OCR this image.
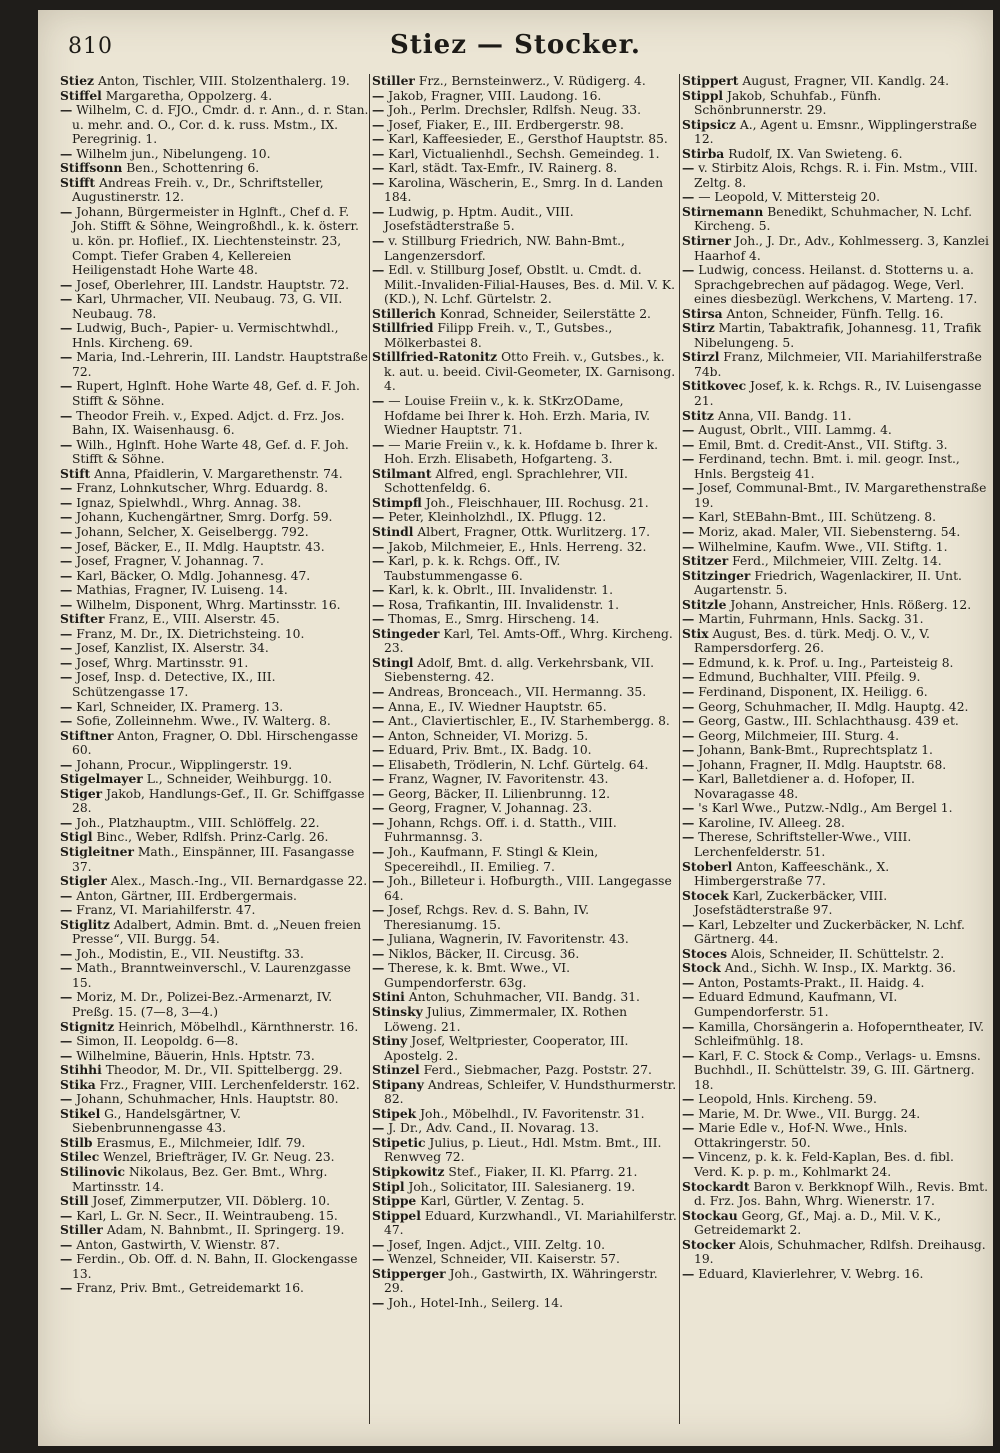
810	Stiez — Stocker.

Stiez Anton, Tischler, VIII. Stolzenthalerg. 19.

Stiffel Margaretha, Oppolzerg. 4.

— Wilhelm, C. d. FJO., Cmdr. d. r. Ann., d. r. Stan. u. mehr. and. O., Cor. d. k. russ. Mstm., IX. Peregrinig. 1.

— Wilhelm jun., Nibelungeng. 10.

Stiffsonn Ben., Schottenring 6.

Stifft Andreas Freih. v., Dr., Schriftsteller, Augustinerstr. 12.

— Johann, Bürgermeister in Hglnft., Chef d. F. Joh. Stifft & Söhne, Weingroßhdl., k. k. österr. u. kön. pr. Hoflief., IX. Liechtensteinstr. 23, Compt. Tiefer Graben 4, Kellereien Heiligenstadt Hohe Warte 48.

— Josef, Oberlehrer, III. Landstr. Hauptstr. 72.

— Karl, Uhrmacher, VII. Neubaug. 73, G. VII. Neubaug. 78.

— Ludwig, Buch-, Papier- u. Vermischtwhdl., Hnls. Kircheng. 69.

— Maria, Ind.-Lehrerin, III. Landstr. Hauptstraße 72.

— Rupert, Hglnft. Hohe Warte 48, Gef. d. F. Joh. Stifft & Söhne.

— Theodor Freih. v., Exped. Adjct. d. Frz. Jos. Bahn, IX. Waisenhausg. 6.

— Wilh., Hglnft. Hohe Warte 48, Gef. d. F. Joh. Stifft & Söhne.

Stift Anna, Pfaidlerin, V. Margarethenstr. 74.

— Franz, Lohnkutscher, Whrg. Eduardg. 8.

— Ignaz, Spielwhdl., Whrg. Annag. 38.

— Johann, Kuchengärtner, Smrg. Dorfg. 59.

— Johann, Selcher, X. Geiselbergg. 792.

— Josef, Bäcker, E., II. Mdlg. Hauptstr. 43.

— Josef, Fragner, V. Johannag. 7.

— Karl, Bäcker, O. Mdlg. Johannesg. 47.

— Mathias, Fragner, IV. Luiseng. 14.

— Wilhelm, Disponent, Whrg. Martinsstr. 16.

Stifter Franz, E., VIII. Alserstr. 45.

— Franz, M. Dr., IX. Dietrichsteing. 10.

— Josef, Kanzlist, IX. Alserstr. 34.

— Josef, Whrg. Martinsstr. 91.

— Josef, Insp. d. Detective, IX., III. Schützengasse 17.

— Karl, Schneider, IX. Pramerg. 13.

— Sofie, Zolleinnehm. Wwe., IV. Walterg. 8.

Stiftner Anton, Fragner, O. Dbl. Hirschengasse 60.

— Johann, Procur., Wipplingerstr. 19.

Stigelmayer L., Schneider, Weihburgg. 10.

Stiger Jakob, Handlungs-Gef., II. Gr. Schiffgasse 28.

— Joh., Platzhauptm., VIII. Schlöffelg. 22.

Stigl Binc., Weber, Rdlfsh. Prinz-Carlg. 26.

Stigleitner Math., Einspänner, III. Fasangasse 37.

Stigler Alex., Masch.-Ing., VII. Bernardgasse 22.

— Anton, Gärtner, III. Erdbergermais.

— Franz, VI. Mariahilferstr. 47.

Stiglitz Adalbert, Admin. Bmt. d. „Neuen freien Presse“, VII. Burgg. 54.

— Joh., Modistin, E., VII. Neustiftg. 33.

— Math., Branntweinverschl., V. Laurenzgasse 15.

— Moriz, M. Dr., Polizei-Bez.-Armenarzt, IV. Preßg. 15. (7—8, 3—4.)

Stignitz Heinrich, Möbelhdl., Kärnthnerstr. 16.

— Simon, II. Leopoldg. 6—8.

— Wilhelmine, Bäuerin, Hnls. Hptstr. 73.

Stihhi Theodor, M. Dr., VII. Spittelbergg. 29.

Stika Frz., Fragner, VIII. Lerchenfelderstr. 162.

— Johann, Schuhmacher, Hnls. Hauptstr. 80.

Stikel G., Handelsgärtner, V. Siebenbrunnengasse 43.

Stilb Erasmus, E., Milchmeier, Idlf. 79.

Stilec Wenzel, Briefträger, IV. Gr. Neug. 23.

Stilinovic Nikolaus, Bez. Ger. Bmt., Whrg. Martinsstr. 14.

Still Josef, Zimmerputzer, VII. Döblerg. 10.

— Karl, L. Gr. N. Secr., II. Weintraubeng. 15.

Stiller Adam, N. Bahnbmt., II. Springerg. 19.

— Anton, Gastwirth, V. Wienstr. 87.

— Ferdin., Ob. Off. d. N. Bahn, II. Glockengasse 13.

— Franz, Priv. Bmt., Getreidemarkt 16.

Stiller Frz., Bernsteinwerz., V. Rüdigerg. 4.

— Jakob, Fragner, VIII. Laudong. 16.

— Joh., Perlm. Drechsler, Rdlfsh. Neug. 33.

— Josef, Fiaker, E., III. Erdbergerstr. 98.

— Karl, Kaffeesieder, E., Gersthof Hauptstr. 85.

— Karl, Victualienhdl., Sechsh. Gemeindeg. 1.

— Karl, städt. Tax-Emfr., IV. Rainerg. 8.

— Karolina, Wäscherin, E., Smrg. In d. Landen 184.

— Ludwig, p. Hptm. Audit., VIII. Josefstädterstraße 5.

— v. Stillburg Friedrich, NW. Bahn-Bmt., Langenzersdorf.

— Edl. v. Stillburg Josef, Obstlt. u. Cmdt. d. Milit.-Invaliden-Filial-Hauses, Bes. d. Mil. V. K. (KD.), N. Lchf. Gürtelstr. 2.

Stillerich Konrad, Schneider, Seilerstätte 2.

Stillfried Filipp Freih. v., T., Gutsbes., Mölkerbastei 8.

Stillfried-Ratonitz Otto Freih. v., Gutsbes., k. k. aut. u. beeid. Civil-Geometer, IX. Garnisong. 4.

— — Louise Freiin v., k. k. StKrzODame, Hofdame bei Ihrer k. Hoh. Erzh. Maria, IV. Wiedner Hauptstr. 71.

— — Marie Freiin v., k. k. Hofdame b. Ihrer k. Hoh. Erzh. Elisabeth, Hofgarteng. 3.

Stilmant Alfred, engl. Sprachlehrer, VII. Schottenfeldg. 6.

Stimpfl Joh., Fleischhauer, III. Rochusg. 21.

— Peter, Kleinholzhdl., IX. Pflugg. 12.

Stindl Albert, Fragner, Ottk. Wurlitzerg. 17.

— Jakob, Milchmeier, E., Hnls. Herreng. 32.

— Karl, p. k. k. Rchgs. Off., IV. Taubstummengasse 6.

— Karl, k. k. Obrlt., III. Invalidenstr. 1.

— Rosa, Trafikantin, III. Invalidenstr. 1.

— Thomas, E., Smrg. Hirscheng. 14.

Stingeder Karl, Tel. Amts-Off., Whrg. Kircheng. 23.

Stingl Adolf, Bmt. d. allg. Verkehrsbank, VII. Siebensterng. 42.

— Andreas, Bronceach., VII. Hermanng. 35.

— Anna, E., IV. Wiedner Hauptstr. 65.

— Ant., Claviertischler, E., IV. Starhembergg. 8.

— Anton, Schneider, VI. Morizg. 5.

— Eduard, Priv. Bmt., IX. Badg. 10.

— Elisabeth, Trödlerin, N. Lchf. Gürtelg. 64.

— Franz, Wagner, IV. Favoritenstr. 43.

— Georg, Bäcker, II. Lilienbrunng. 12.

— Georg, Fragner, V. Johannag. 23.

— Johann, Rchgs. Off. i. d. Statth., VIII. Fuhrmannsg. 3.

— Joh., Kaufmann, F. Stingl & Klein, Specereihdl., II. Emilieg. 7.

— Joh., Billeteur i. Hofburgth., VIII. Langegasse 64.

— Josef, Rchgs. Rev. d. S. Bahn, IV. Theresianumg. 15.

— Juliana, Wagnerin, IV. Favoritenstr. 43.

— Niklos, Bäcker, II. Circusg. 36.

— Therese, k. k. Bmt. Wwe., VI. Gumpendorferstr. 63g.

Stini Anton, Schuhmacher, VII. Bandg. 31.

Stinsky Julius, Zimmermaler, IX. Rothen Löweng. 21.

Stiny Josef, Weltpriester, Cooperator, III. Apostelg. 2.

Stinzel Ferd., Siebmacher, Pazg. Poststr. 27.

Stipany Andreas, Schleifer, V. Hundsthurmerstr. 82.

Stipek Joh., Möbelhdl., IV. Favoritenstr. 31.

— J. Dr., Adv. Cand., II. Novarag. 13.

Stipetic Julius, p. Lieut., Hdl. Mstm. Bmt., III. Renwveg 72.

Stipkowitz Stef., Fiaker, II. Kl. Pfarrg. 21.

Stipl Joh., Solicitator, III. Salesianerg. 19.

Stippe Karl, Gürtler, V. Zentag. 5.

Stippel Eduard, Kurzwhandl., VI. Mariahilferstr. 47.

— Josef, Ingen. Adjct., VIII. Zeltg. 10.

— Wenzel, Schneider, VII. Kaiserstr. 57.

Stipperger Joh., Gastwirth, IX. Währingerstr. 29.

— Joh., Hotel-Inh., Seilerg. 14.

Stippert August, Fragner, VII. Kandlg. 24.

Stippl Jakob, Schuhfab., Fünfh. Schönbrunnerstr. 29.

Stipsicz A., Agent u. Emsnr., Wipplingerstraße 12.

Stirba Rudolf, IX. Van Swieteng. 6.

— v. Stirbitz Alois, Rchgs. R. i. Fin. Mstm., VIII. Zeltg. 8.

— — Leopold, V. Mittersteig 20.

Stirnemann Benedikt, Schuhmacher, N. Lchf. Kircheng. 5.

Stirner Joh., J. Dr., Adv., Kohlmesserg. 3, Kanzlei Haarhof 4.

— Ludwig, concess. Heilanst. d. Stotterns u. a. Sprachgebrechen auf pädagog. Wege, Verl. eines diesbezügl. Werkchens, V. Marteng. 17.

Stirsa Anton, Schneider, Fünfh. Tellg. 16.

Stirz Martin, Tabaktrafik, Johannesg. 11, Trafik Nibelungeng. 5.

Stirzl Franz, Milchmeier, VII. Mariahilferstraße 74b.

Stitkovec Josef, k. k. Rchgs. R., IV. Luisengasse 21.

Stitz Anna, VII. Bandg. 11.

— August, Obrlt., VIII. Lammg. 4.

— Emil, Bmt. d. Credit-Anst., VII. Stiftg. 3.

— Ferdinand, techn. Bmt. i. mil. geogr. Inst., Hnls. Bergsteig 41.

— Josef, Communal-Bmt., IV. Margarethenstraße 19.

— Karl, StEBahn-Bmt., III. Schützeng. 8.

— Moriz, akad. Maler, VII. Siebensterng. 54.

— Wilhelmine, Kaufm. Wwe., VII. Stiftg. 1.

Stitzer Ferd., Milchmeier, VIII. Zeltg. 14.

Stitzinger Friedrich, Wagenlackirer, II. Unt. Augartenstr. 5.

Stitzle Johann, Anstreicher, Hnls. Rößerg. 12.

— Martin, Fuhrmann, Hnls. Sackg. 31.

Stix August, Bes. d. türk. Medj. O. V., V. Rampersdorferg. 26.

— Edmund, k. k. Prof. u. Ing., Parteisteig 8.

— Edmund, Buchhalter, VIII. Pfeilg. 9.

— Ferdinand, Disponent, IX. Heiligg. 6.

— Georg, Schuhmacher, II. Mdlg. Hauptg. 42.

— Georg, Gastw., III. Schlachthausg. 439 et.

— Georg, Milchmeier, III. Sturg. 4.

— Johann, Bank-Bmt., Ruprechtsplatz 1.

— Johann, Fragner, II. Mdlg. Hauptstr. 68.

— Karl, Balletdiener a. d. Hofoper, II. Novaragasse 48.

— 's Karl Wwe., Putzw.-Ndlg., Am Bergel 1.

— Karoline, IV. Alleeg. 28.

— Therese, Schriftsteller-Wwe., VIII. Lerchenfelderstr. 51.

Stoberl Anton, Kaffeeschänk., X. Himbergerstraße 77.

Stocek Karl, Zuckerbäcker, VIII. Josefstädterstraße 97.

— Karl, Lebzelter und Zuckerbäcker, N. Lchf. Gärtnerg. 44.

Stoces Alois, Schneider, II. Schüttelstr. 2.

Stock And., Sichh. W. Insp., IX. Marktg. 36.

— Anton, Postamts-Prakt., II. Haidg. 4.

— Eduard Edmund, Kaufmann, VI. Gumpendorferstr. 51.

— Kamilla, Chorsängerin a. Hofoperntheater, IV. Schleifmühlg. 18.

— Karl, F. C. Stock & Comp., Verlags- u. Emsns. Buchhdl., II. Schüttelstr. 39, G. III. Gärtnerg. 18.

— Leopold, Hnls. Kircheng. 59.

— Marie, M. Dr. Wwe., VII. Burgg. 24.

— Marie Edle v., Hof-N. Wwe., Hnls. Ottakringerstr. 50.

— Vincenz, p. k. k. Feld-Kaplan, Bes. d. fibl. Verd. K. p. p. m., Kohlmarkt 24.

Stockardt Baron v. Berkknopf Wilh., Revis. Bmt. d. Frz. Jos. Bahn, Whrg. Wienerstr. 17.

Stockau Georg, Gf., Maj. a. D., Mil. V. K., Getreidemarkt 2.

Stocker Alois, Schuhmacher, Rdlfsh. Dreihausg. 19.

— Eduard, Klavierlehrer, V. Webrg. 16.
